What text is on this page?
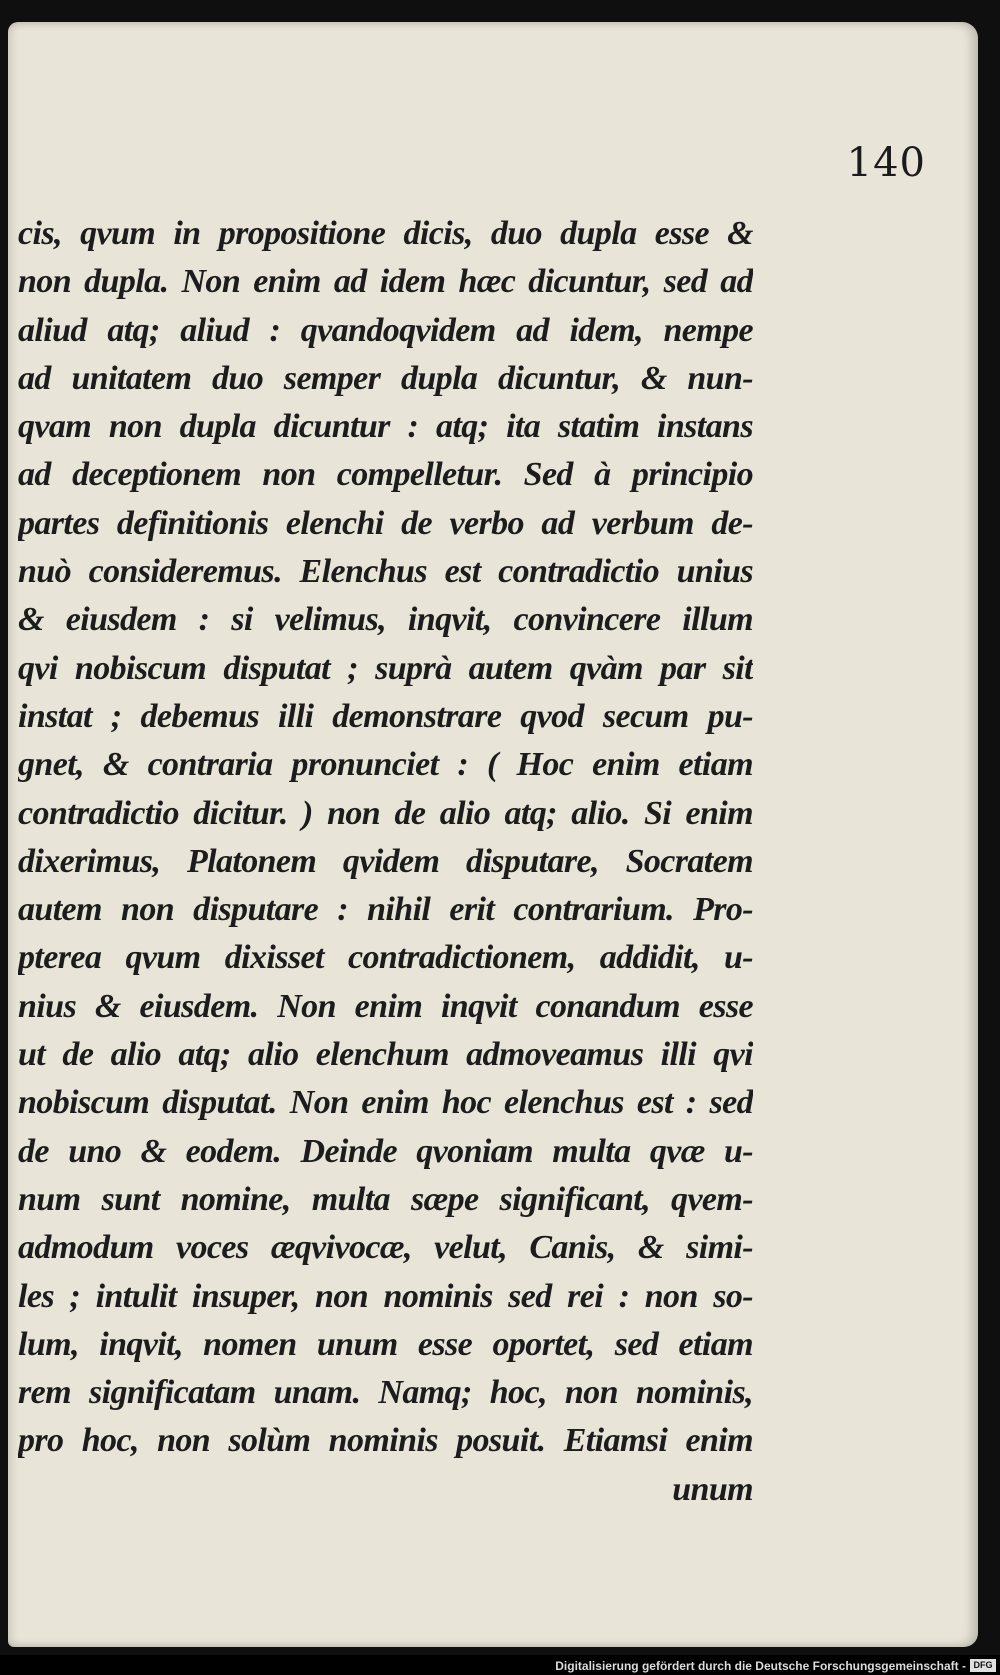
140
cis, qvum in propositione dicis, duo dupla esse &
non dupla. Non enim ad idem hæc dicuntur, sed ad
aliud atq; aliud : qvandoqvidem ad idem, nempe
ad unitatem duo semper dupla dicuntur, & nun-
qvam non dupla dicuntur : atq; ita statim instans
ad deceptionem non compelletur. Sed à principio
partes definitionis elenchi de verbo ad verbum de-
nuò consideremus. Elenchus est contradictio unius
& eiusdem : si velimus, inqvit, convincere illum
qvi nobiscum disputat ; suprà autem qvàm par sit
instat ; debemus illi demonstrare qvod secum pu-
gnet, & contraria pronunciet : ( Hoc enim etiam
contradictio dicitur. ) non de alio atq; alio. Si enim
dixerimus, Platonem qvidem disputare, Socratem
autem non disputare : nihil erit contrarium. Pro-
pterea qvum dixisset contradictionem, addidit, u-
nius & eiusdem. Non enim inqvit conandum esse
ut de alio atq; alio elenchum admoveamus illi qvi
nobiscum disputat. Non enim hoc elenchus est : sed
de uno & eodem. Deinde qvoniam multa qvæ u-
num sunt nomine, multa sæpe significant, qvem-
admodum voces æqvivocæ, velut, Canis, & simi-
les ; intulit insuper, non nominis sed rei : non so-
lum, inqvit, nomen unum esse oportet, sed etiam
rem significatam unam. Namq; hoc, non nominis,
pro hoc, non solùm nominis posuit. Etiamsi enim
unum
Digitalisierung gefördert durch die Deutsche Forschungsgemeinschaft - DFG
